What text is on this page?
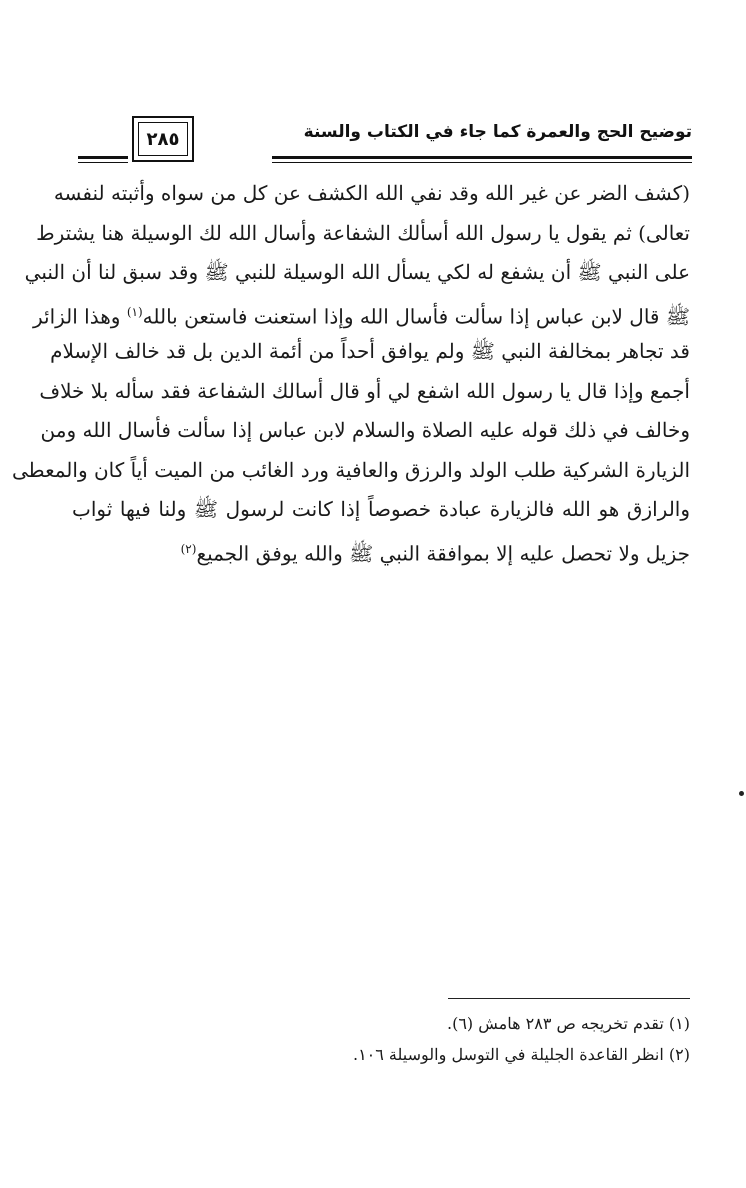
توضيح الحج والعمرة كما جاء في الكتاب والسنة
٢٨٥
(كشف الضر عن غير الله وقد نفي الله الكشف عن كل من سواه وأثبته لنفسه
تعالى) ثم يقول يا رسول الله أسألك الشفاعة وأسال الله لك الوسيلة هنا يشترط
على النبي ﷺ أن يشفع له لكي يسأل الله الوسيلة للنبي ﷺ وقد سبق لنا أن النبي
ﷺ قال لابن عباس إذا سألت فأسال الله وإذا استعنت فاستعن بالله$^{(١)}$ وهذا الزائر
قد تجاهر بمخالفة النبي ﷺ ولم يوافق أحداً من أئمة الدين بل قد خالف الإسلام
أجمع وإذا قال يا رسول الله اشفع لي أو قال أسالك الشفاعة فقد سأله بلا خلاف
وخالف في ذلك قوله عليه الصلاة والسلام لابن عباس إذا سألت فأسال الله ومن
الزيارة الشركية طلب الولد والرزق والعافية ورد الغائب من الميت أياً كان والمعطى
والرازق هو الله فالزيارة عبادة خصوصاً إذا كانت لرسول ﷺ ولنا فيها ثواب
جزيل ولا تحصل عليه إلا بموافقة النبي ﷺ والله يوفق الجميع$^{(٢)}$
(١) تقدم تخريجه ص ٢٨٣ هامش (٦).
(٢) انظر القاعدة الجليلة في التوسل والوسيلة ١٠٦.
